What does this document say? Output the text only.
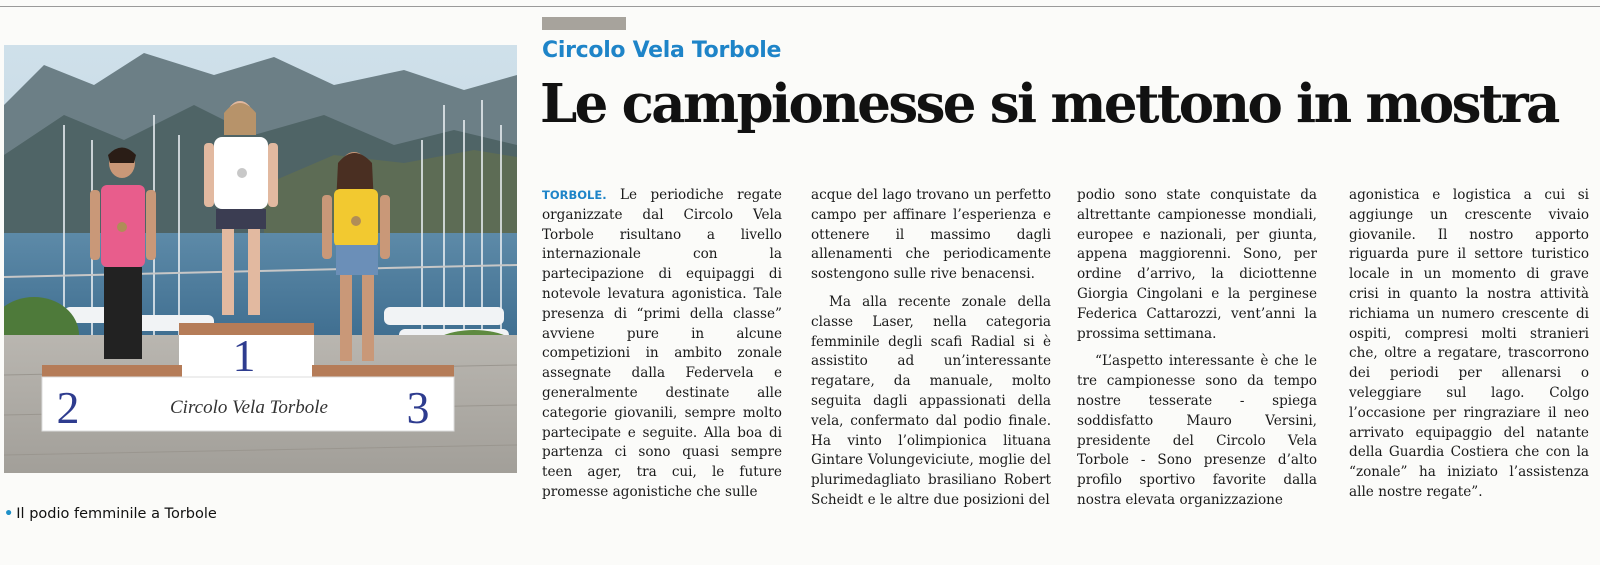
1
2	3
Circolo Vela Torbole
• Il podio femminile a Torbole
Circolo Vela Torbole
Le campionesse si mettono in mostra

TORBOLE. Le periodiche regate organizzate dal Circolo Vela Torbole risultano a livello internazionale	con	la partecipazione di equipaggi di notevole levatura agonistica. Tale presenza di “primi della classe” avviene pure in alcune competizioni in ambito zonale assegnate dalla Federvela e generalmente destinate alle categorie giovanili, sempre molto partecipate e seguite. Alla boa di partenza ci sono quasi sempre teen ager, tra cui, le future promesse agonistiche che sulle

acque del lago trovano un perfetto campo per affinare l’esperienza e ottenere il massimo dagli allenamenti che periodicamente sostengono sulle rive benacensi.

Ma alla recente zonale della classe Laser, nella categoria femminile degli scafi Radial si è assistito ad un’interessante regatare, da manuale, molto seguita dagli appassionati della vela, confermato dal podio finale. Ha vinto l’olimpionica lituana Gintare Volungeviciute, moglie del plurimedagliato brasiliano Robert Scheidt e le altre due posizioni del

podio sono state conquistate da altrettante campionesse mondiali, europee e nazionali, per giunta, appena maggiorenni. Sono, per ordine d’arrivo, la diciottenne Giorgia Cingolani e la perginese Federica Cattarozzi, vent’anni la prossima settimana.

“L’aspetto interessante è che le tre campionesse sono da tempo nostre tesserate - spiega soddisfatto Mauro Versini, presidente del Circolo Vela Torbole - Sono presenze d’alto profilo sportivo favorite dalla nostra elevata organizzazione

agonistica e logistica a cui si aggiunge un crescente vivaio giovanile. Il nostro apporto riguarda pure il settore turistico locale in un momento di grave crisi in quanto la nostra attività richiama un numero crescente di ospiti, compresi molti stranieri che, oltre a regatare, trascorrono dei periodi per allenarsi o veleggiare sul lago. Colgo l’occasione per ringraziare il neo arrivato equipaggio del natante della Guardia Costiera che con la “zonale” ha iniziato l’assistenza alle nostre regate”.
